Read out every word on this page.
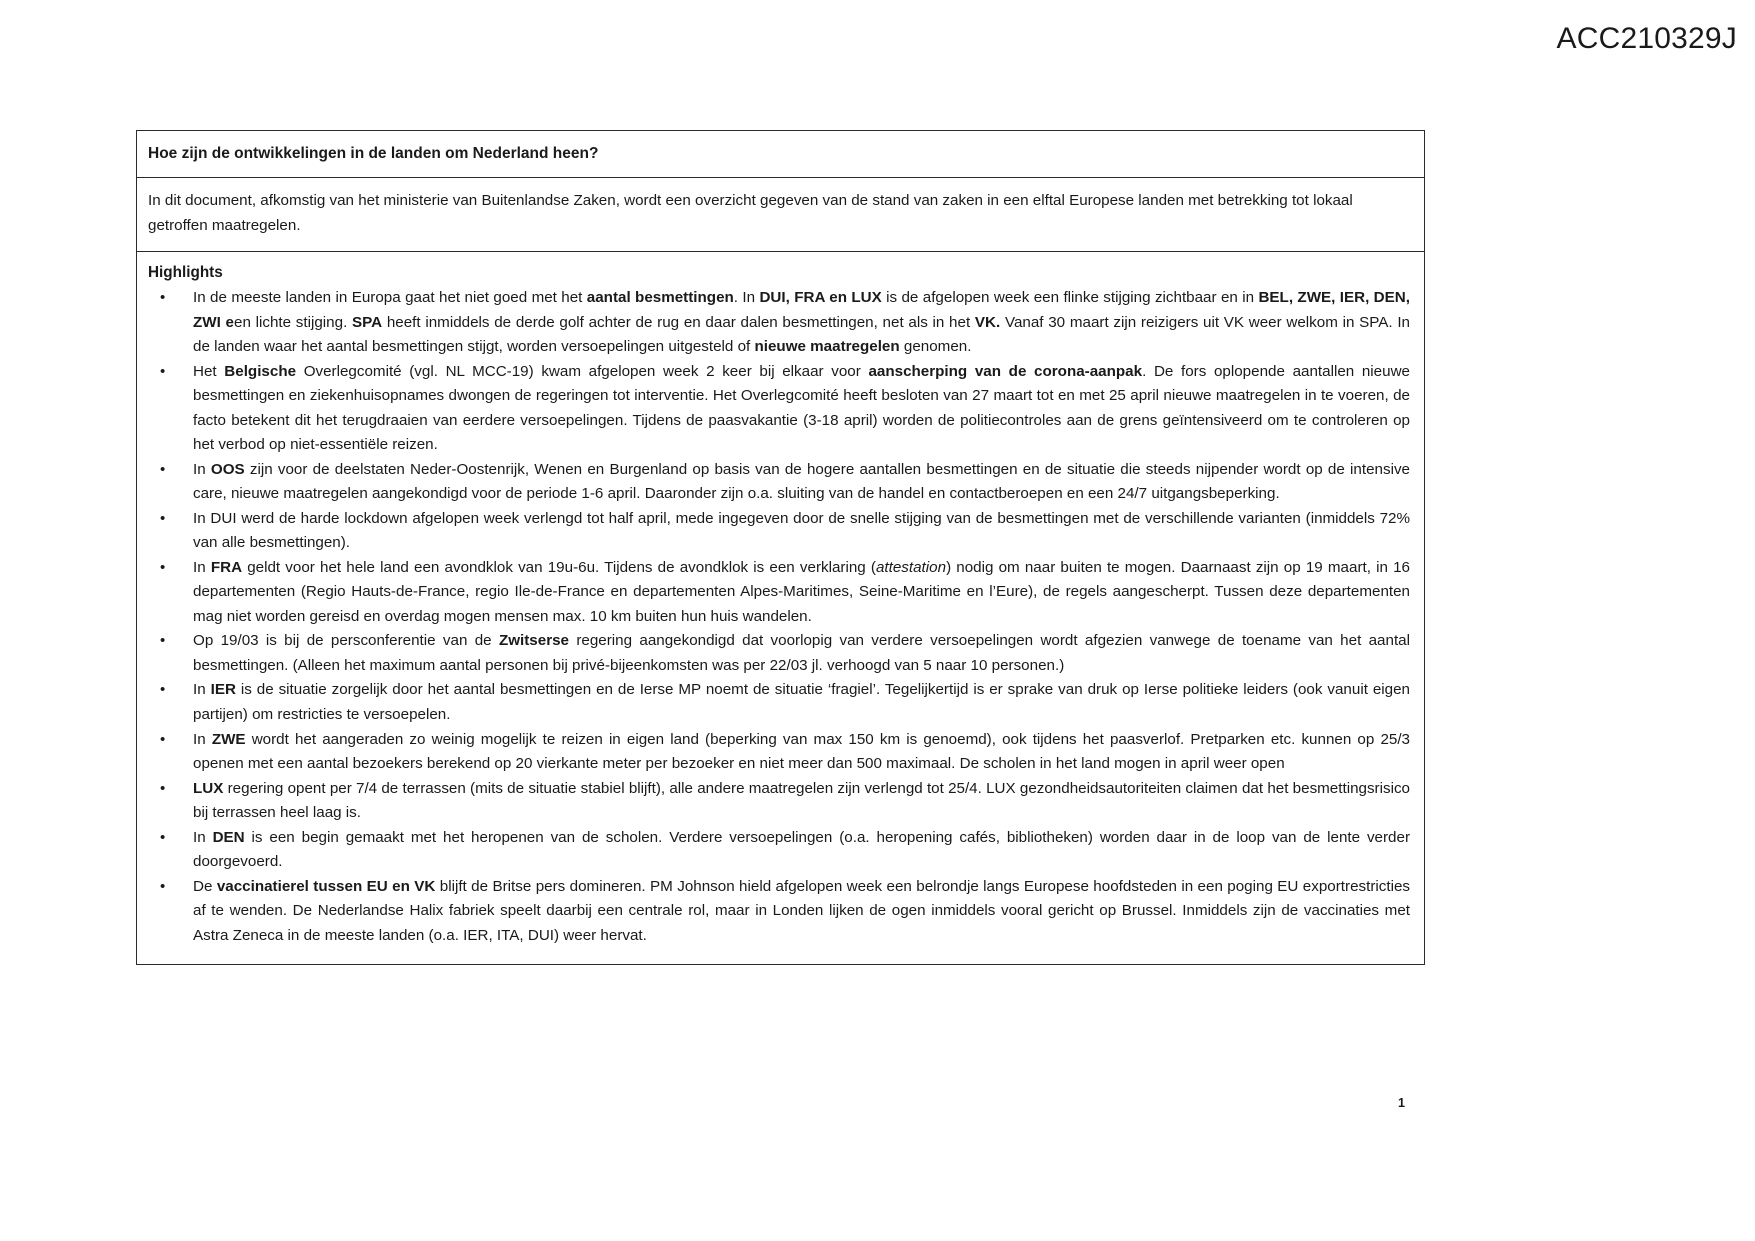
ACC210329J
Hoe zijn de ontwikkelingen in de landen om Nederland heen?
In dit document, afkomstig van het ministerie van Buitenlandse Zaken, wordt een overzicht gegeven van de stand van zaken in een elftal Europese landen met betrekking tot lokaal getroffen maatregelen.
Highlights
• In de meeste landen in Europa gaat het niet goed met het aantal besmettingen. In DUI, FRA en LUX is de afgelopen week een flinke stijging zichtbaar en in BEL, ZWE, IER, DEN, ZWI een lichte stijging. SPA heeft inmiddels de derde golf achter de rug en daar dalen besmettingen, net als in het VK. Vanaf 30 maart zijn reizigers uit VK weer welkom in SPA. In de landen waar het aantal besmettingen stijgt, worden versoepelingen uitgesteld of nieuwe maatregelen genomen.
• Het Belgische Overlegcomité (vgl. NL MCC-19) kwam afgelopen week 2 keer bij elkaar voor aanscherping van de corona-aanpak. De fors oplopende aantallen nieuwe besmettingen en ziekenhuisopnames dwongen de regeringen tot interventie. Het Overlegcomité heeft besloten van 27 maart tot en met 25 april nieuwe maatregelen in te voeren, de facto betekent dit het terugdraaien van eerdere versoepelingen. Tijdens de paasvakantie (3-18 april) worden de politiecontroles aan de grens geïntensiveerd om te controleren op het verbod op niet-essentiële reizen.
• In OOS zijn voor de deelstaten Neder-Oostenrijk, Wenen en Burgenland op basis van de hogere aantallen besmettingen en de situatie die steeds nijpender wordt op de intensive care, nieuwe maatregelen aangekondigd voor de periode 1-6 april. Daaronder zijn o.a. sluiting van de handel en contactberoepen en een 24/7 uitgangsbeperking.
• In DUI werd de harde lockdown afgelopen week verlengd tot half april, mede ingegeven door de snelle stijging van de besmettingen met de verschillende varianten (inmiddels 72% van alle besmettingen).
• In FRA geldt voor het hele land een avondklok van 19u-6u. Tijdens de avondklok is een verklaring (attestation) nodig om naar buiten te mogen. Daarnaast zijn op 19 maart, in 16 departementen (Regio Hauts-de-France, regio Ile-de-France en departementen Alpes-Maritimes, Seine-Maritime en l’Eure), de regels aangescherpt. Tussen deze departementen mag niet worden gereisd en overdag mogen mensen max. 10 km buiten hun huis wandelen.
• Op 19/03 is bij de persconferentie van de Zwitserse regering aangekondigd dat voorlopig van verdere versoepelingen wordt afgezien vanwege de toename van het aantal besmettingen. (Alleen het maximum aantal personen bij privé-bijeenkomsten was per 22/03 jl. verhoogd van 5 naar 10 personen.)
• In IER is de situatie zorgelijk door het aantal besmettingen en de Ierse MP noemt de situatie ‘fragiel’. Tegelijkertijd is er sprake van druk op Ierse politieke leiders (ook vanuit eigen partijen) om restricties te versoepelen.
• In ZWE wordt het aangeraden zo weinig mogelijk te reizen in eigen land (beperking van max 150 km is genoemd), ook tijdens het paasverlof. Pretparken etc. kunnen op 25/3 openen met een aantal bezoekers berekend op 20 vierkante meter per bezoeker en niet meer dan 500 maximaal. De scholen in het land mogen in april weer open
• LUX regering opent per 7/4 de terrassen (mits de situatie stabiel blijft), alle andere maatregelen zijn verlengd tot 25/4. LUX gezondheidsautoriteiten claimen dat het besmettingsrisico bij terrassen heel laag is.
• In DEN is een begin gemaakt met het heropenen van de scholen. Verdere versoepelingen (o.a. heropening cafés, bibliotheken) worden daar in de loop van de lente verder doorgevoerd.
• De vaccinatierel tussen EU en VK blijft de Britse pers domineren. PM Johnson hield afgelopen week een belrondje langs Europese hoofdsteden in een poging EU exportrestricties af te wenden. De Nederlandse Halix fabriek speelt daarbij een centrale rol, maar in Londen lijken de ogen inmiddels vooral gericht op Brussel. Inmiddels zijn de vaccinaties met Astra Zeneca in de meeste landen (o.a. IER, ITA, DUI) weer hervat.
1
